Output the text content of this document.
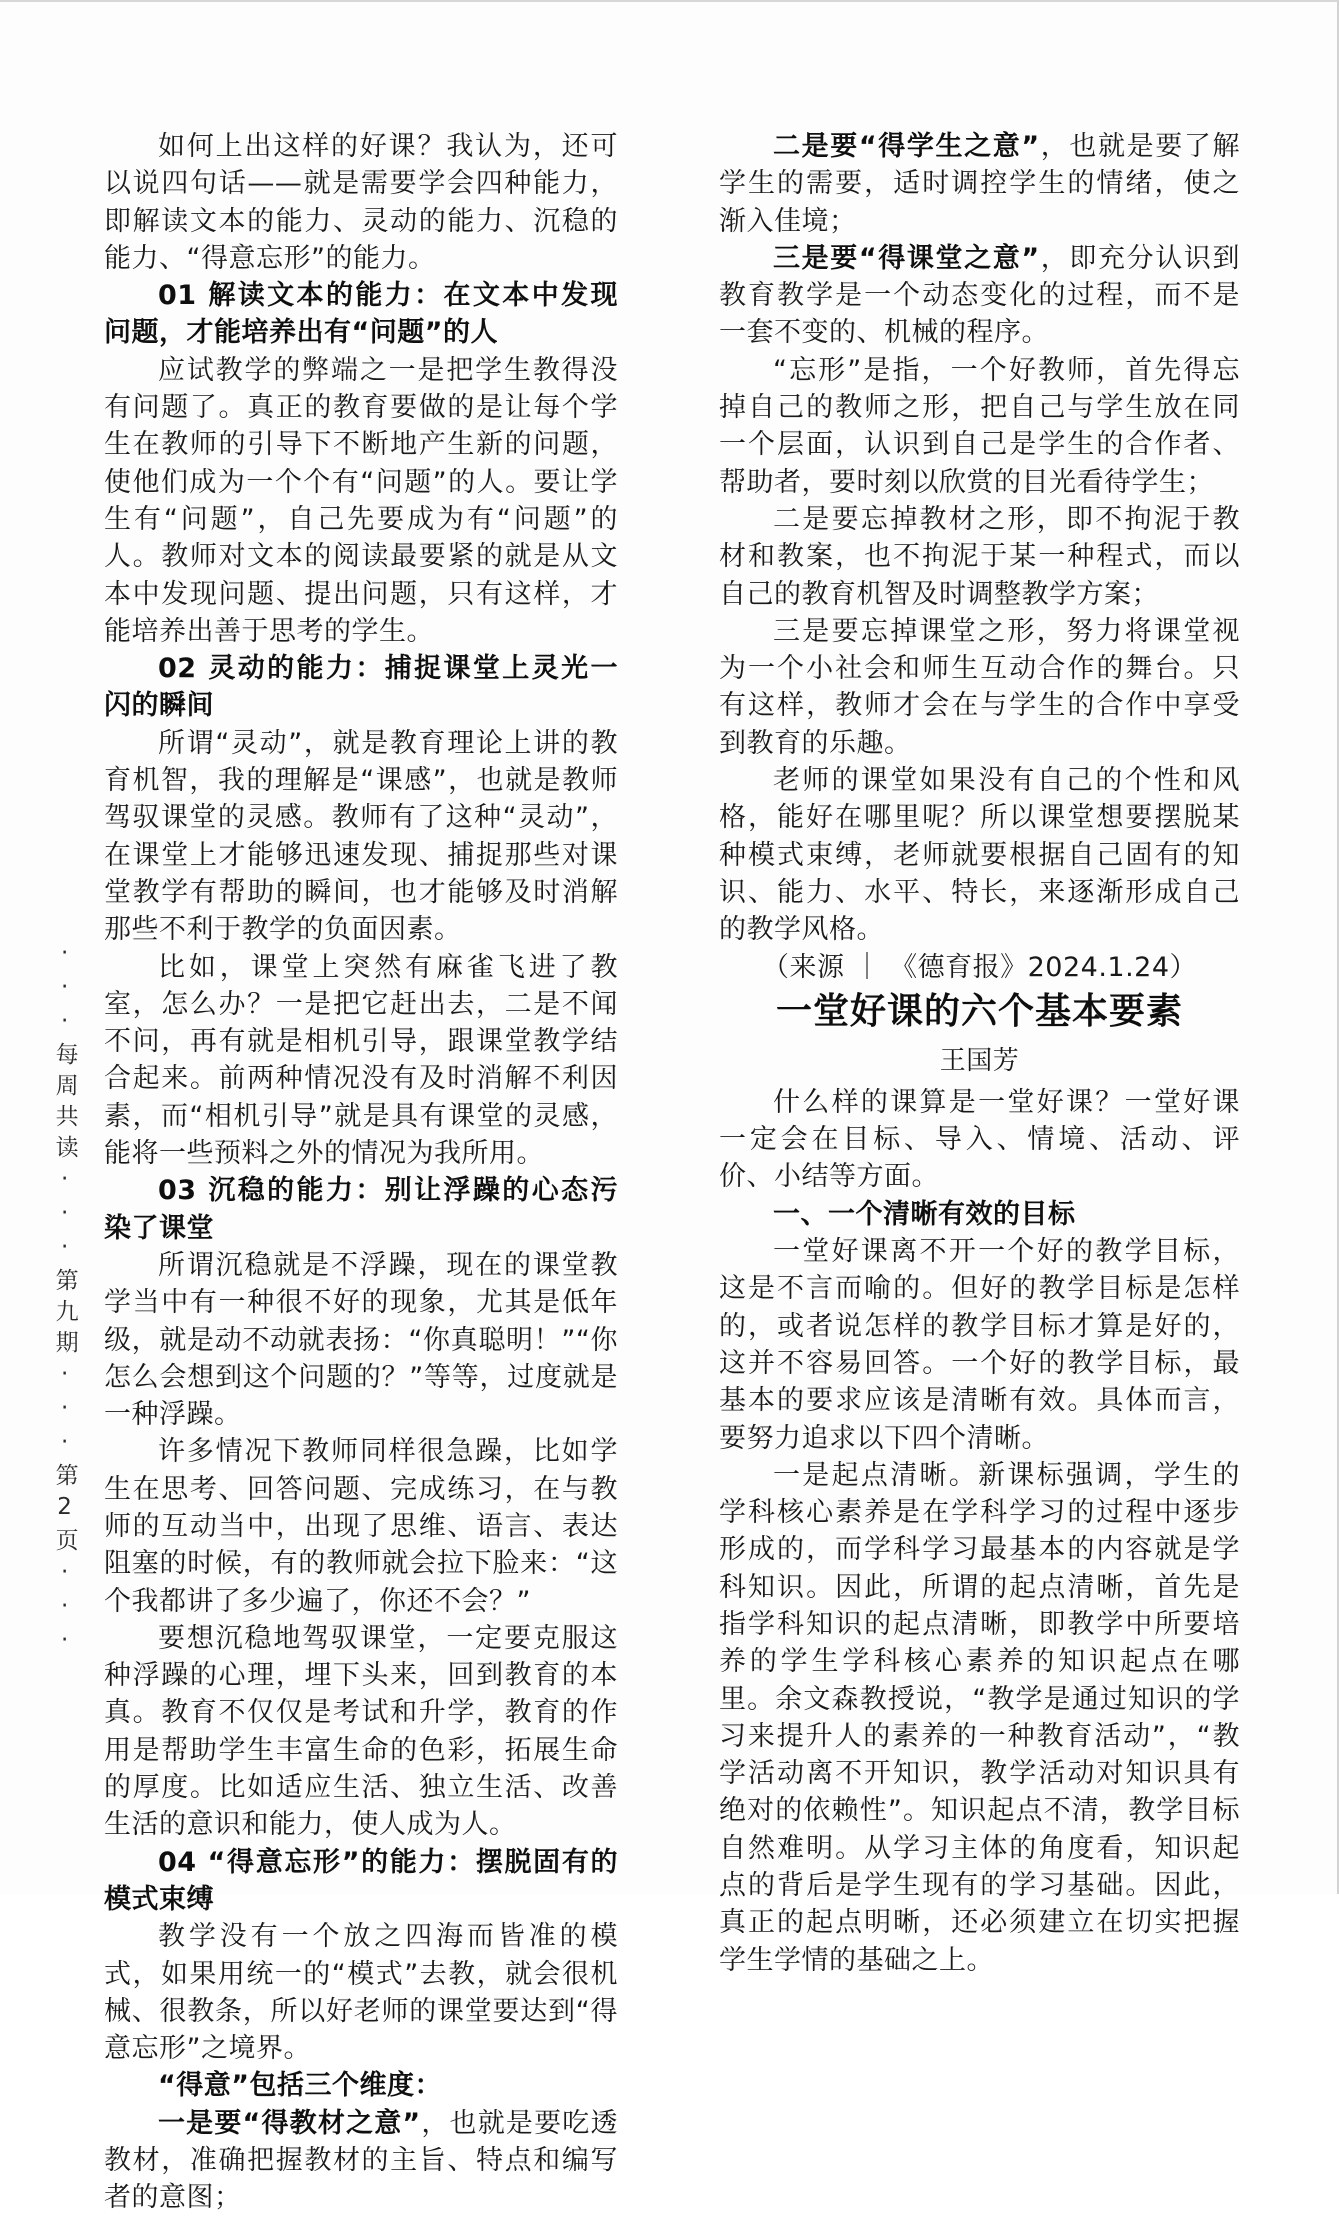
···每周共读···第九期···第2页···

如何上出这样的好课？我认为，还可以说四句话——就是需要学会四种能力，即解读文本的能力、灵动的能力、沉稳的能力、“得意忘形”的能力。

01 解读文本的能力：在文本中发现问题，才能培养出有“问题”的人

应试教学的弊端之一是把学生教得没有问题了。真正的教育要做的是让每个学生在教师的引导下不断地产生新的问题，使他们成为一个个有“问题”的人。要让学生有“问题”，自己先要成为有“问题”的人。教师对文本的阅读最要紧的就是从文本中发现问题、提出问题，只有这样，才能培养出善于思考的学生。

02 灵动的能力：捕捉课堂上灵光一闪的瞬间

所谓“灵动”，就是教育理论上讲的教育机智，我的理解是“课感”，也就是教师驾驭课堂的灵感。教师有了这种“灵动”，在课堂上才能够迅速发现、捕捉那些对课堂教学有帮助的瞬间，也才能够及时消解那些不利于教学的负面因素。

比如，课堂上突然有麻雀飞进了教室，怎么办？一是把它赶出去，二是不闻不问，再有就是相机引导，跟课堂教学结合起来。前两种情况没有及时消解不利因素，而“相机引导”就是具有课堂的灵感，能将一些预料之外的情况为我所用。

03 沉稳的能力：别让浮躁的心态污染了课堂

所谓沉稳就是不浮躁，现在的课堂教学当中有一种很不好的现象，尤其是低年级，就是动不动就表扬：“你真聪明！”“你怎么会想到这个问题的？”等等，过度就是一种浮躁。

许多情况下教师同样很急躁，比如学生在思考、回答问题、完成练习，在与教师的互动当中，出现了思维、语言、表达阻塞的时候，有的教师就会拉下脸来：“这个我都讲了多少遍了，你还不会？”

要想沉稳地驾驭课堂，一定要克服这种浮躁的心理，埋下头来，回到教育的本真。教育不仅仅是考试和升学，教育的作用是帮助学生丰富生命的色彩，拓展生命的厚度。比如适应生活、独立生活、改善生活的意识和能力，使人成为人。

04 “得意忘形”的能力：摆脱固有的模式束缚

教学没有一个放之四海而皆准的模式，如果用统一的“模式”去教，就会很机械、很教条，所以好老师的课堂要达到“得意忘形”之境界。

“得意”包括三个维度：

一是要“得教材之意”，也就是要吃透教材，准确把握教材的主旨、特点和编写者的意图；

二是要“得学生之意”，也就是要了解学生的需要，适时调控学生的情绪，使之渐入佳境；

三是要“得课堂之意”，即充分认识到教育教学是一个动态变化的过程，而不是一套不变的、机械的程序。

“忘形”是指，一个好教师，首先得忘掉自己的教师之形，把自己与学生放在同一个层面，认识到自己是学生的合作者、帮助者，要时刻以欣赏的目光看待学生；

二是要忘掉教材之形，即不拘泥于教材和教案，也不拘泥于某一种程式，而以自己的教育机智及时调整教学方案；

三是要忘掉课堂之形，努力将课堂视为一个小社会和师生互动合作的舞台。只有这样，教师才会在与学生的合作中享受到教育的乐趣。

老师的课堂如果没有自己的个性和风格，能好在哪里呢？所以课堂想要摆脱某种模式束缚，老师就要根据自己固有的知识、能力、水平、特长，来逐渐形成自己的教学风格。

（来源 ｜ 《德育报》2024.1.24）

一堂好课的六个基本要素

王国芳

什么样的课算是一堂好课？一堂好课一定会在目标、导入、情境、活动、评价、小结等方面。

一、一个清晰有效的目标

一堂好课离不开一个好的教学目标，这是不言而喻的。但好的教学目标是怎样的，或者说怎样的教学目标才算是好的，这并不容易回答。一个好的教学目标，最基本的要求应该是清晰有效。具体而言，要努力追求以下四个清晰。

一是起点清晰。新课标强调，学生的学科核心素养是在学科学习的过程中逐步形成的，而学科学习最基本的内容就是学科知识。因此，所谓的起点清晰，首先是指学科知识的起点清晰，即教学中所要培养的学生学科核心素养的知识起点在哪里。余文森教授说，“教学是通过知识的学习来提升人的素养的一种教育活动”，“教学活动离不开知识，教学活动对知识具有绝对的依赖性”。知识起点不清，教学目标自然难明。从学习主体的角度看，知识起点的背后是学生现有的学习基础。因此，真正的起点明晰，还必须建立在切实把握学生学情的基础之上。
